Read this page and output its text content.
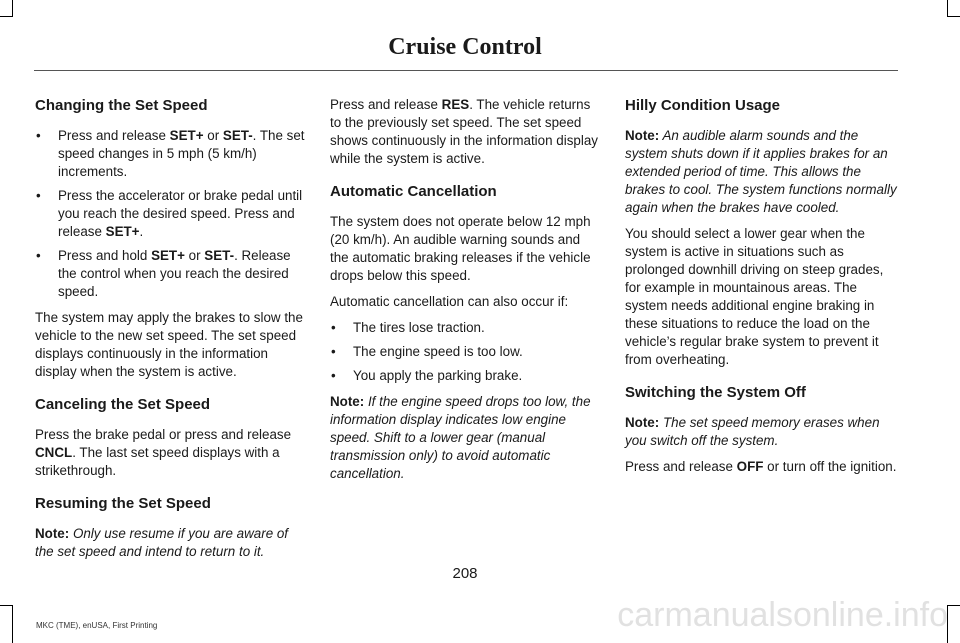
Cruise Control
Changing the Set Speed
• Press and release SET+ or SET-. The set speed changes in 5 mph (5 km/h) increments.
• Press the accelerator or brake pedal until you reach the desired speed. Press and release SET+.
• Press and hold SET+ or SET-. Release the control when you reach the desired speed.

The system may apply the brakes to slow the vehicle to the new set speed. The set speed displays continuously in the information display when the system is active.

Canceling the Set Speed

Press the brake pedal or press and release CNCL. The last set speed displays with a strikethrough.

Resuming the Set Speed

Note: Only use resume if you are aware of the set speed and intend to return to it.

Press and release RES. The vehicle returns to the previously set speed. The set speed shows continuously in the information display while the system is active.

Automatic Cancellation

The system does not operate below 12 mph (20 km/h). An audible warning sounds and the automatic braking releases if the vehicle drops below this speed.

Automatic cancellation can also occur if:

• The tires lose traction.
• The engine speed is too low.
• You apply the parking brake.

Note: If the engine speed drops too low, the information display indicates low engine speed. Shift to a lower gear (manual transmission only) to avoid automatic cancellation.

Hilly Condition Usage

Note: An audible alarm sounds and the system shuts down if it applies brakes for an extended period of time. This allows the brakes to cool. The system functions normally again when the brakes have cooled.

You should select a lower gear when the system is active in situations such as prolonged downhill driving on steep grades, for example in mountainous areas. The system needs additional engine braking in these situations to reduce the load on the vehicle’s regular brake system to prevent it from overheating.

Switching the System Off

Note: The set speed memory erases when you switch off the system.

Press and release OFF or turn off the ignition.

208
MKC (TME), enUSA, First Printing	carmanualsonline.info
